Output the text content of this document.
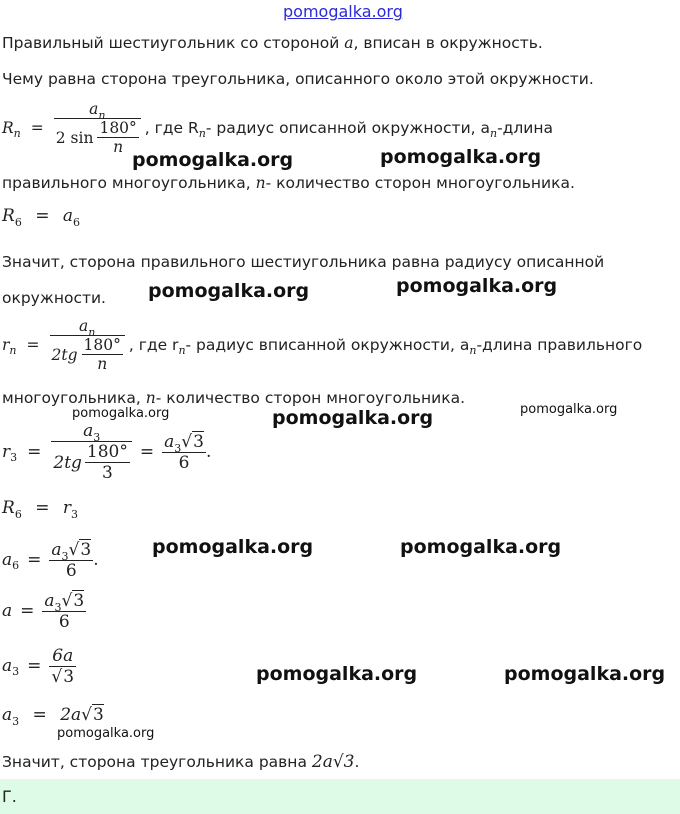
pomogalka.org
Правильный шестиугольник со стороной a, вписан в окружность.
Чему равна сторона треугольника, описанного около этой окружности.
R $n = \frac{a_n}{2 \sin \frac{180^\circ}{n}}$ , где R n - радиус описанной окружности, a n -длина
правильного многоугольника, n- количество сторон многоугольника.
$R_6 = a_6$
Значит, сторона правильного шестиугольника равна радиусу описанной
окружности.
r $n = \frac{a_n}{2tg \frac{180^\circ}{n}}$ , где r n - радиус вписанной окружности, a n -длина правильного
многоугольника, n- количество сторон многоугольника.
r $3 = \frac{a_3}{2tg \frac{180^\circ}{3}} = \frac{a_3√3}{6}$ .
$R_6 = r_3$
a $6 = \frac{a_3√3}{6}$ .
$a = \frac{a_3√3}{6}$
a $3 = \frac{6a}{√3}$
$a_3 = 2a√3$
Значит, сторона треугольника равна 2a√3.
Г.
pomogalka.org	pomogalka.org
pomogalka.org	pomogalka.org
pomogalka.org	pomogalka.org	pomogalka.org
pomogalka.org	pomogalka.org
pomogalka.org	pomogalka.org
pomogalka.org
